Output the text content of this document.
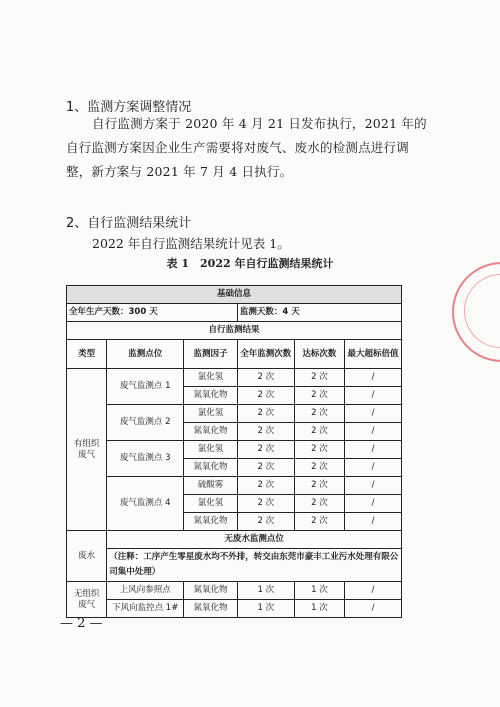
1、监测方案调整情况
自行监测方案于 2020 年 4 月 21 日发布执行，2021 年的自行监测方案因企业生产需要将对废气、废水的检测点进行调整，新方案与 2021 年 7 月 4 日执行。
2、自行监测结果统计
2022 年自行监测结果统计见表 1。
表 1　2022 年自行监测结果统计
基础信息					
全年生产天数：300 天			监测天数：4 天		
自行监测结果					
类型	监测点位	监测因子	全年监测次数	达标次数	最大超标倍值
有组织废气	废气监测点 1	氯化氢	2 次	2 次	/
		氮氧化物	2 次	2 次	/
	废气监测点 2	氯化氢	2 次	2 次	/
		氮氧化物	2 次	2 次	/
	废气监测点 3	氯化氢	2 次	2 次	/
		氮氧化物	2 次	2 次	/
	废气监测点 4	硫酸雾	2 次	2 次	/
		氯化氢	2 次	2 次	/
		氮氧化物	2 次	2 次	/
废水	无废水监测点位				
	（注释：工序产生零星废水均不外排，转交由东莞市豪丰工业污水处理有限公司集中处理）				
无组织废气	上风向参照点	氮氧化物	1 次	1 次	/
	下风向监控点 1#	氮氧化物	1 次	1 次	/
— 2 —
